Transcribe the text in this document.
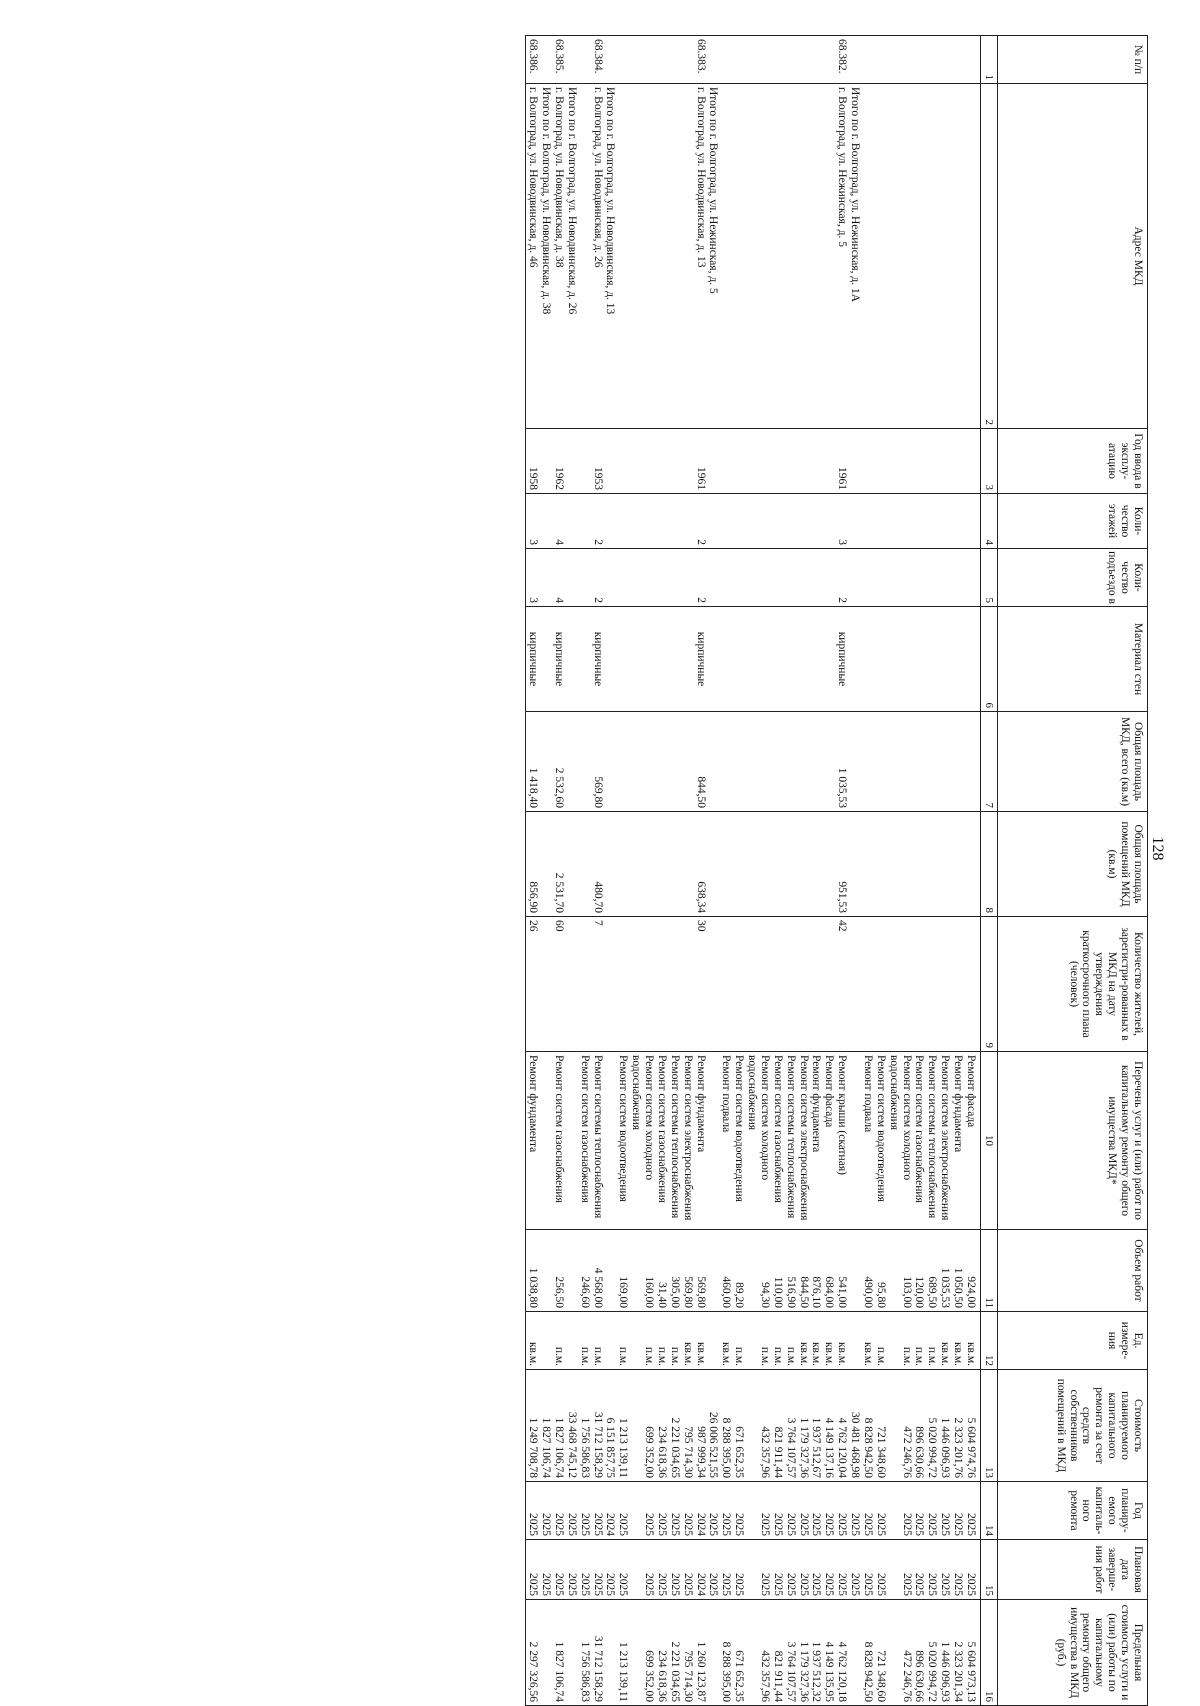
128
№ п/п	Адрес МКД	Год ввода в эксплу-атацию	Коли-чество этажей	Коли-чество подъездо в	Материал стен	Общая площадь МКД, всего (кв.м)	Общая площадь помещений МКД (кв.м)	Количество жителей, зарегистри-рованных в МКД на дату утверждения краткосрочного плана (человек)	Перечень услуг и (или) работ по капитальному ремонту общего имущества МКД*	Объем работ	Ед. измере-ния	Стоимость планируемого капитального ремонта за счет средств собственников помещений в МКД	Год планиру-емого капиталь-ного ремонта	Плановая дата заверше-ния работ	Предельная стоимость услуги и (или) работы по капитальному ремонту общего имущества в МКД (руб.)
1	2	3	4	5	6	7	8	9	10	11	12	13	14	15	16
									Ремонт фасада	924,00	кв.м.	5 604 974,76	2025	2025	5 604 973,13
									Ремонт фундамента	1 050,50	кв.м.	2 323 201,76	2025	2025	2 323 201,34
									Ремонт систем электроснабжения	1 035,53	кв.м.	1 446 096,93	2025	2025	1 446 096,93
									Ремонт системы теплоснабжения	689,50	п.м.	5 020 994,72	2025	2025	5 020 994,72
									Ремонт систем газоснабжения	120,00	п.м.	896 630,66	2025	2025	896 630,66
									Ремонт систем холодного водоснабжения	103,00	п.м.	472 246,76	2025	2025	472 246,76
									Ремонт систем водоотведения	95,80	п.м.	721 348,60	2025	2025	721 348,60
									Ремонт подвала	490,00	кв.м.	8 828 942,50	2025	2025	8 828 942,50
	Итого по г. Волгоград, ул. Нежинская, д. 1А											30 481 468,98	2025	2025	
68.382.	г. Волгоград, ул. Нежинская, д. 5	1961	3	2	кирпичные	1 035,53	951,53	42	Ремонт крыши (скатная)	541,00	кв.м.	4 762 120,04	2025	2025	4 762 120,18
									Ремонт фасада	684,00	кв.м.	4 149 137,16	2025	2025	4 149 135,95
									Ремонт фундамента	876,10	кв.м.	1 937 512,67	2025	2025	1 937 512,32
									Ремонт систем электроснабжения	844,50	кв.м.	1 179 327,36	2025	2025	1 179 327,36
									Ремонт системы теплоснабжения	516,90	п.м.	3 764 107,57	2025	2025	3 764 107,57
									Ремонт систем газоснабжения	110,00	п.м.	821 911,44	2025	2025	821 911,44
									Ремонт систем холодного водоснабжения	94,30	п.м.	432 357,96	2025	2025	432 357,96
									Ремонт систем водоотведения	89,20	п.м.	671 652,35	2025	2025	671 652,35
									Ремонт подвала	460,00	кв.м.	8 288 395,00	2025	2025	8 288 395,00
	Итого по г. Волгоград, ул. Нежинская, д. 5											26 006 521,55	2025	2025	
68.383.	г. Волгоград, ул. Новодвинская, д. 13	1961	2	2	кирпичные	844,50	638,34	30	Ремонт фундамента	569,80	кв.м.	987 999,34	2024	2024	1 260 123,87
									Ремонт систем электроснабжения	569,80	кв.м.	795 714,30	2025	2025	795 714,30
									Ремонт системы теплоснабжения	305,00	п.м.	2 221 034,65	2025	2025	2 221 034,65
									Ремонт систем газоснабжения	31,40	п.м.	234 618,36	2025	2025	234 618,36
									Ремонт систем холодного водоснабжения	160,00	п.м.	699 352,00	2025	2025	699 352,00
									Ремонт систем водоотведения	169,00	п.м.	1 213 139,11	2025	2025	1 213 139,11
	Итого по г. Волгоград, ул. Новодвинская, д. 13											6 151 857,75	2024	2025	
68.384.	г. Волгоград, ул. Новодвинская, д. 26	1953	2	2	кирпичные	569,80	480,70	7	Ремонт системы теплоснабжения	4 568,00	п.м.	31 712 158,29	2025	2025	31 712 158,29
									Ремонт систем газоснабжения	246,60	п.м.	1 756 586,83	2025	2025	1 756 586,83
	Итого по г. Волгоград, ул. Новодвинская, д. 26											33 468 745,12	2025	2025	
68.385.	г. Волгоград, ул. Новодвинская, д. 38	1962	4	4	кирпичные	2 532,60	2 531,70	60	Ремонт систем газоснабжения	256,50	п.м.	1 827 106,74	2025	2025	1 827 106,74
	Итого по г. Волгоград, ул. Новодвинская, д. 38											1 827 106,74	2025	2025	
68.386.	г. Волгоград, ул. Новодвинская, д. 46	1958	3	3	кирпичные	1 418,40	856,90	26	Ремонт фундамента	1 038,80	кв.м.	1 249 708,78	2025	2025	2 297 326,56
